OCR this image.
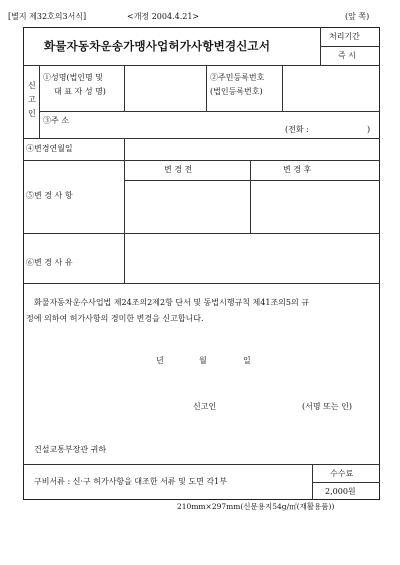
[별지 제32호의3서식]	<개정 2004.4.21>	(앞 쪽)
화물자동차운송가맹사업허가사항변경신고서
처리기간
즉 시
신
고
인
①성명(법인명 및
대 표 자 성 명)
②주민등록번호
(법인등록번호)
③주 소
(전화 :	)
④변경연월일
⑤변 경 사 항
변 경 전	변 경 후
⑥변 경 사 유
화물자동차운수사업법 제24조의2제2항 단서 및 동법시행규칙 제41조의5의 규
정에 의하여 허가사항의 경미한 변경을 신고합니다.
년	월	일
신고인	(서명 또는 인)
건설교통부장관 귀하
구비서류 : 신·구 허가사항을 대조한 서류 및 도면 각1부
수수료
2,000원
210mm×297mm(신문용지54g/㎡(재활용품))
